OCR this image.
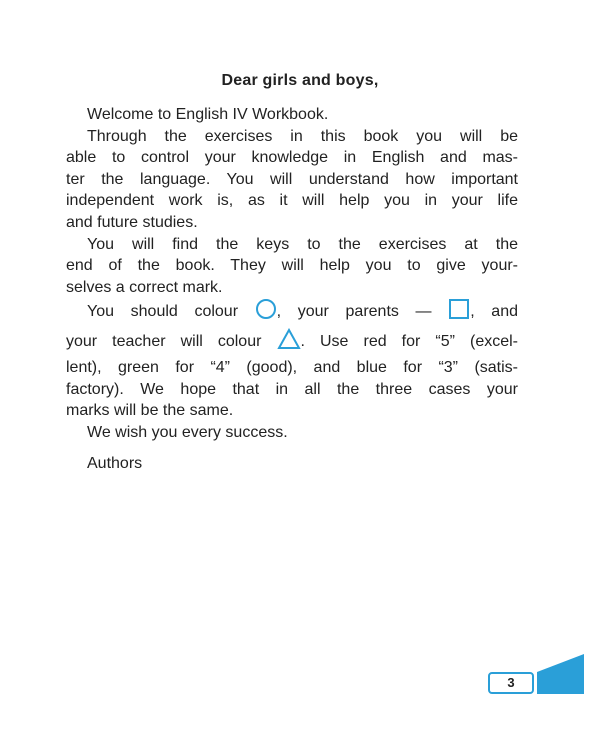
Dear girls and boys,
Welcome to English IV Workbook.
Through the exercises in this book you will be
able to control your knowledge in English and mas-
ter the language. You will understand how important
independent work is, as it will help you in your life
and future studies.
You will find the keys to the exercises at the
end of the book. They will help you to give your-
selves a correct mark.
You should colour , your parents — , and
your teacher will colour . Use red for “5” (excel-
lent), green for “4” (good), and blue for “3” (satis-
factory). We hope that in all the three cases your
marks will be the same.
We wish you every success.
Authors
3
